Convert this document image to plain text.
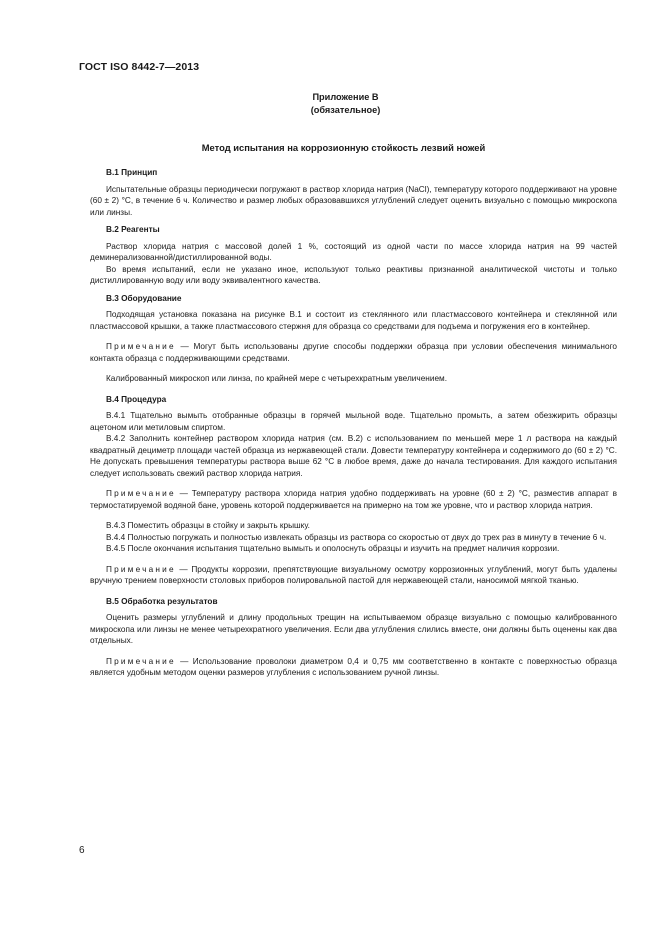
ГОСТ ISO 8442-7—2013
Приложение В
(обязательное)
Метод испытания на коррозионную стойкость лезвий ножей
В.1 Принцип

Испытательные образцы периодически погружают в раствор хлорида натрия (NaCl), температуру которого поддерживают на уровне (60 ± 2) °С, в течение 6 ч. Количество и размер любых образовавшихся углублений следует оценить визуально с помощью микроскопа или линзы.

В.2 Реагенты

Раствор хлорида натрия с массовой долей 1 %, состоящий из одной части по массе хлорида натрия на 99 частей деминерализованной/дистиллированной воды.

Во время испытаний, если не указано иное, используют только реактивы признанной аналитической чистоты и только дистиллированную воду или воду эквивалентного качества.

В.3 Оборудование

Подходящая установка показана на рисунке В.1 и состоит из стеклянного или пластмассового контейнера и стеклянной или пластмассовой крышки, а также пластмассового стержня для образца со средствами для подъема и погружения его в контейнер.

Примечание — Могут быть использованы другие способы поддержки образца при условии обеспечения минимального контакта образца с поддерживающими средствами.

Калиброванный микроскоп или линза, по крайней мере с четырехкратным увеличением.

В.4 Процедура

В.4.1 Тщательно вымыть отобранные образцы в горячей мыльной воде. Тщательно промыть, а затем обезжирить образцы ацетоном или метиловым спиртом.

В.4.2 Заполнить контейнер раствором хлорида натрия (см. В.2) с использованием по меньшей мере 1 л раствора на каждый квадратный дециметр площади частей образца из нержавеющей стали. Довести температуру контейнера и содержимого до (60 ± 2) °С. Не допускать превышения температуры раствора выше 62 °С в любое время, даже до начала тестирования. Для каждого испытания следует использовать свежий раствор хлорида натрия.

Примечание — Температуру раствора хлорида натрия удобно поддерживать на уровне (60 ± 2) °С, разместив аппарат в термостатируемой водяной бане, уровень которой поддерживается на примерно на том же уровне, что и раствор хлорида натрия.

В.4.3 Поместить образцы в стойку и закрыть крышку.

В.4.4 Полностью погружать и полностью извлекать образцы из раствора со скоростью от двух до трех раз в минуту в течение 6 ч.

В.4.5 После окончания испытания тщательно вымыть и ополоснуть образцы и изучить на предмет наличия коррозии.

Примечание — Продукты коррозии, препятствующие визуальному осмотру коррозионных углублений, могут быть удалены вручную трением поверхности столовых приборов полировальной пастой для нержавеющей стали, наносимой мягкой тканью.

В.5 Обработка результатов

Оценить размеры углублений и длину продольных трещин на испытываемом образце визуально с помощью калиброванного микроскопа или линзы не менее четырехкратного увеличения. Если два углубления слились вместе, они должны быть оценены как два отдельных.

Примечание — Использование проволоки диаметром 0,4 и 0,75 мм соответственно в контакте с поверхностью образца является удобным методом оценки размеров углубления с использованием ручной линзы.

6
